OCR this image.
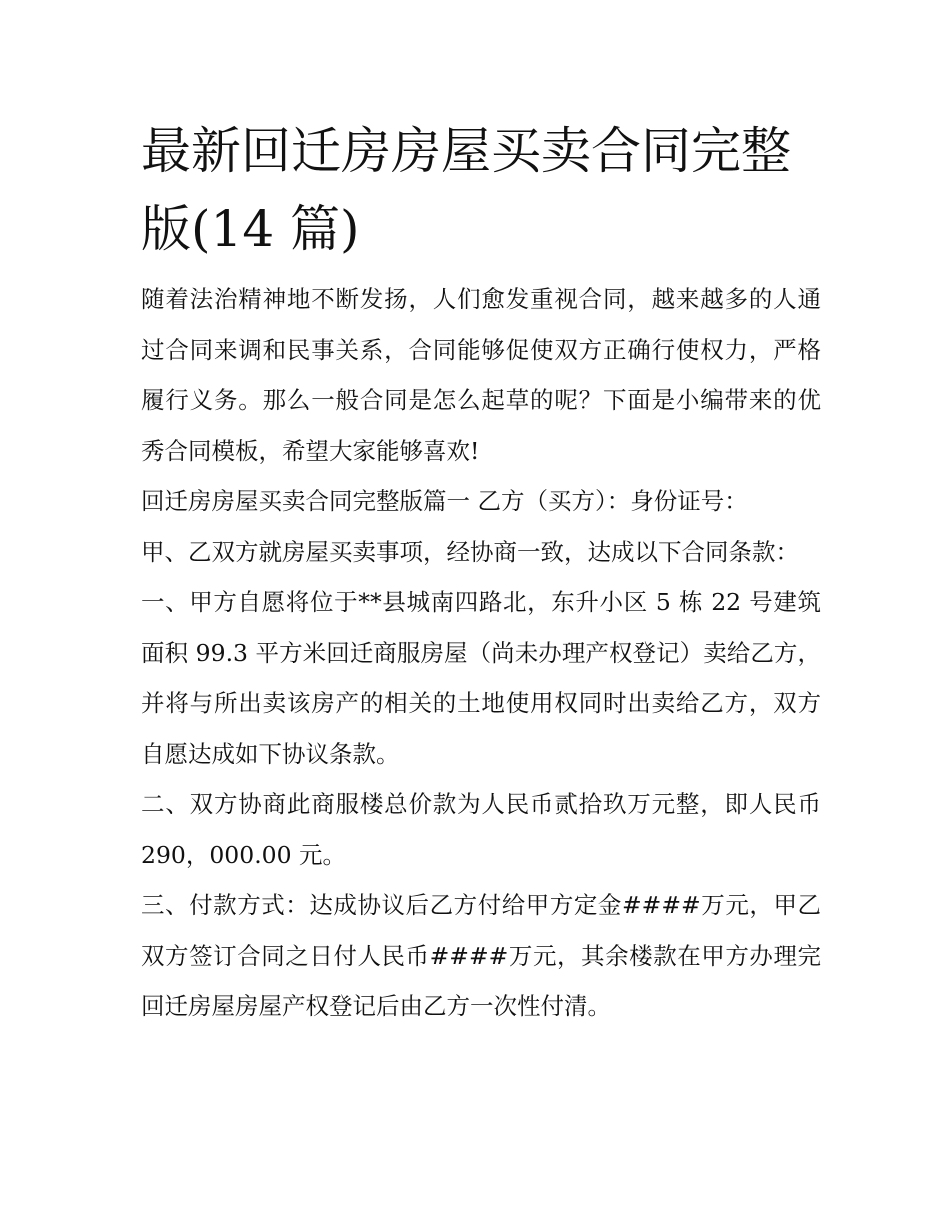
最新回迁房房屋买卖合同完整版(14 篇)

随着法治精神地不断发扬，人们愈发重视合同，越来越多的人通过合同来调和民事关系，合同能够促使双方正确行使权力，严格履行义务。那么一般合同是怎么起草的呢？下面是小编带来的优秀合同模板，希望大家能够喜欢!

回迁房房屋买卖合同完整版篇一 乙方（买方）：身份证号：

甲、乙双方就房屋买卖事项，经协商一致，达成以下合同条款：

一、甲方自愿将位于**县城南四路北，东升小区 5 栋 22 号建筑面积 99.3 平方米回迁商服房屋（尚未办理产权登记）卖给乙方，并将与所出卖该房产的相关的土地使用权同时出卖给乙方，双方自愿达成如下协议条款。

二、双方协商此商服楼总价款为人民币贰拾玖万元整，即人民币 290，000.00 元。

三、付款方式：达成协议后乙方付给甲方定金####万元，甲乙双方签订合同之日付人民币####万元，其余楼款在甲方办理完回迁房屋房屋产权登记后由乙方一次性付清。
